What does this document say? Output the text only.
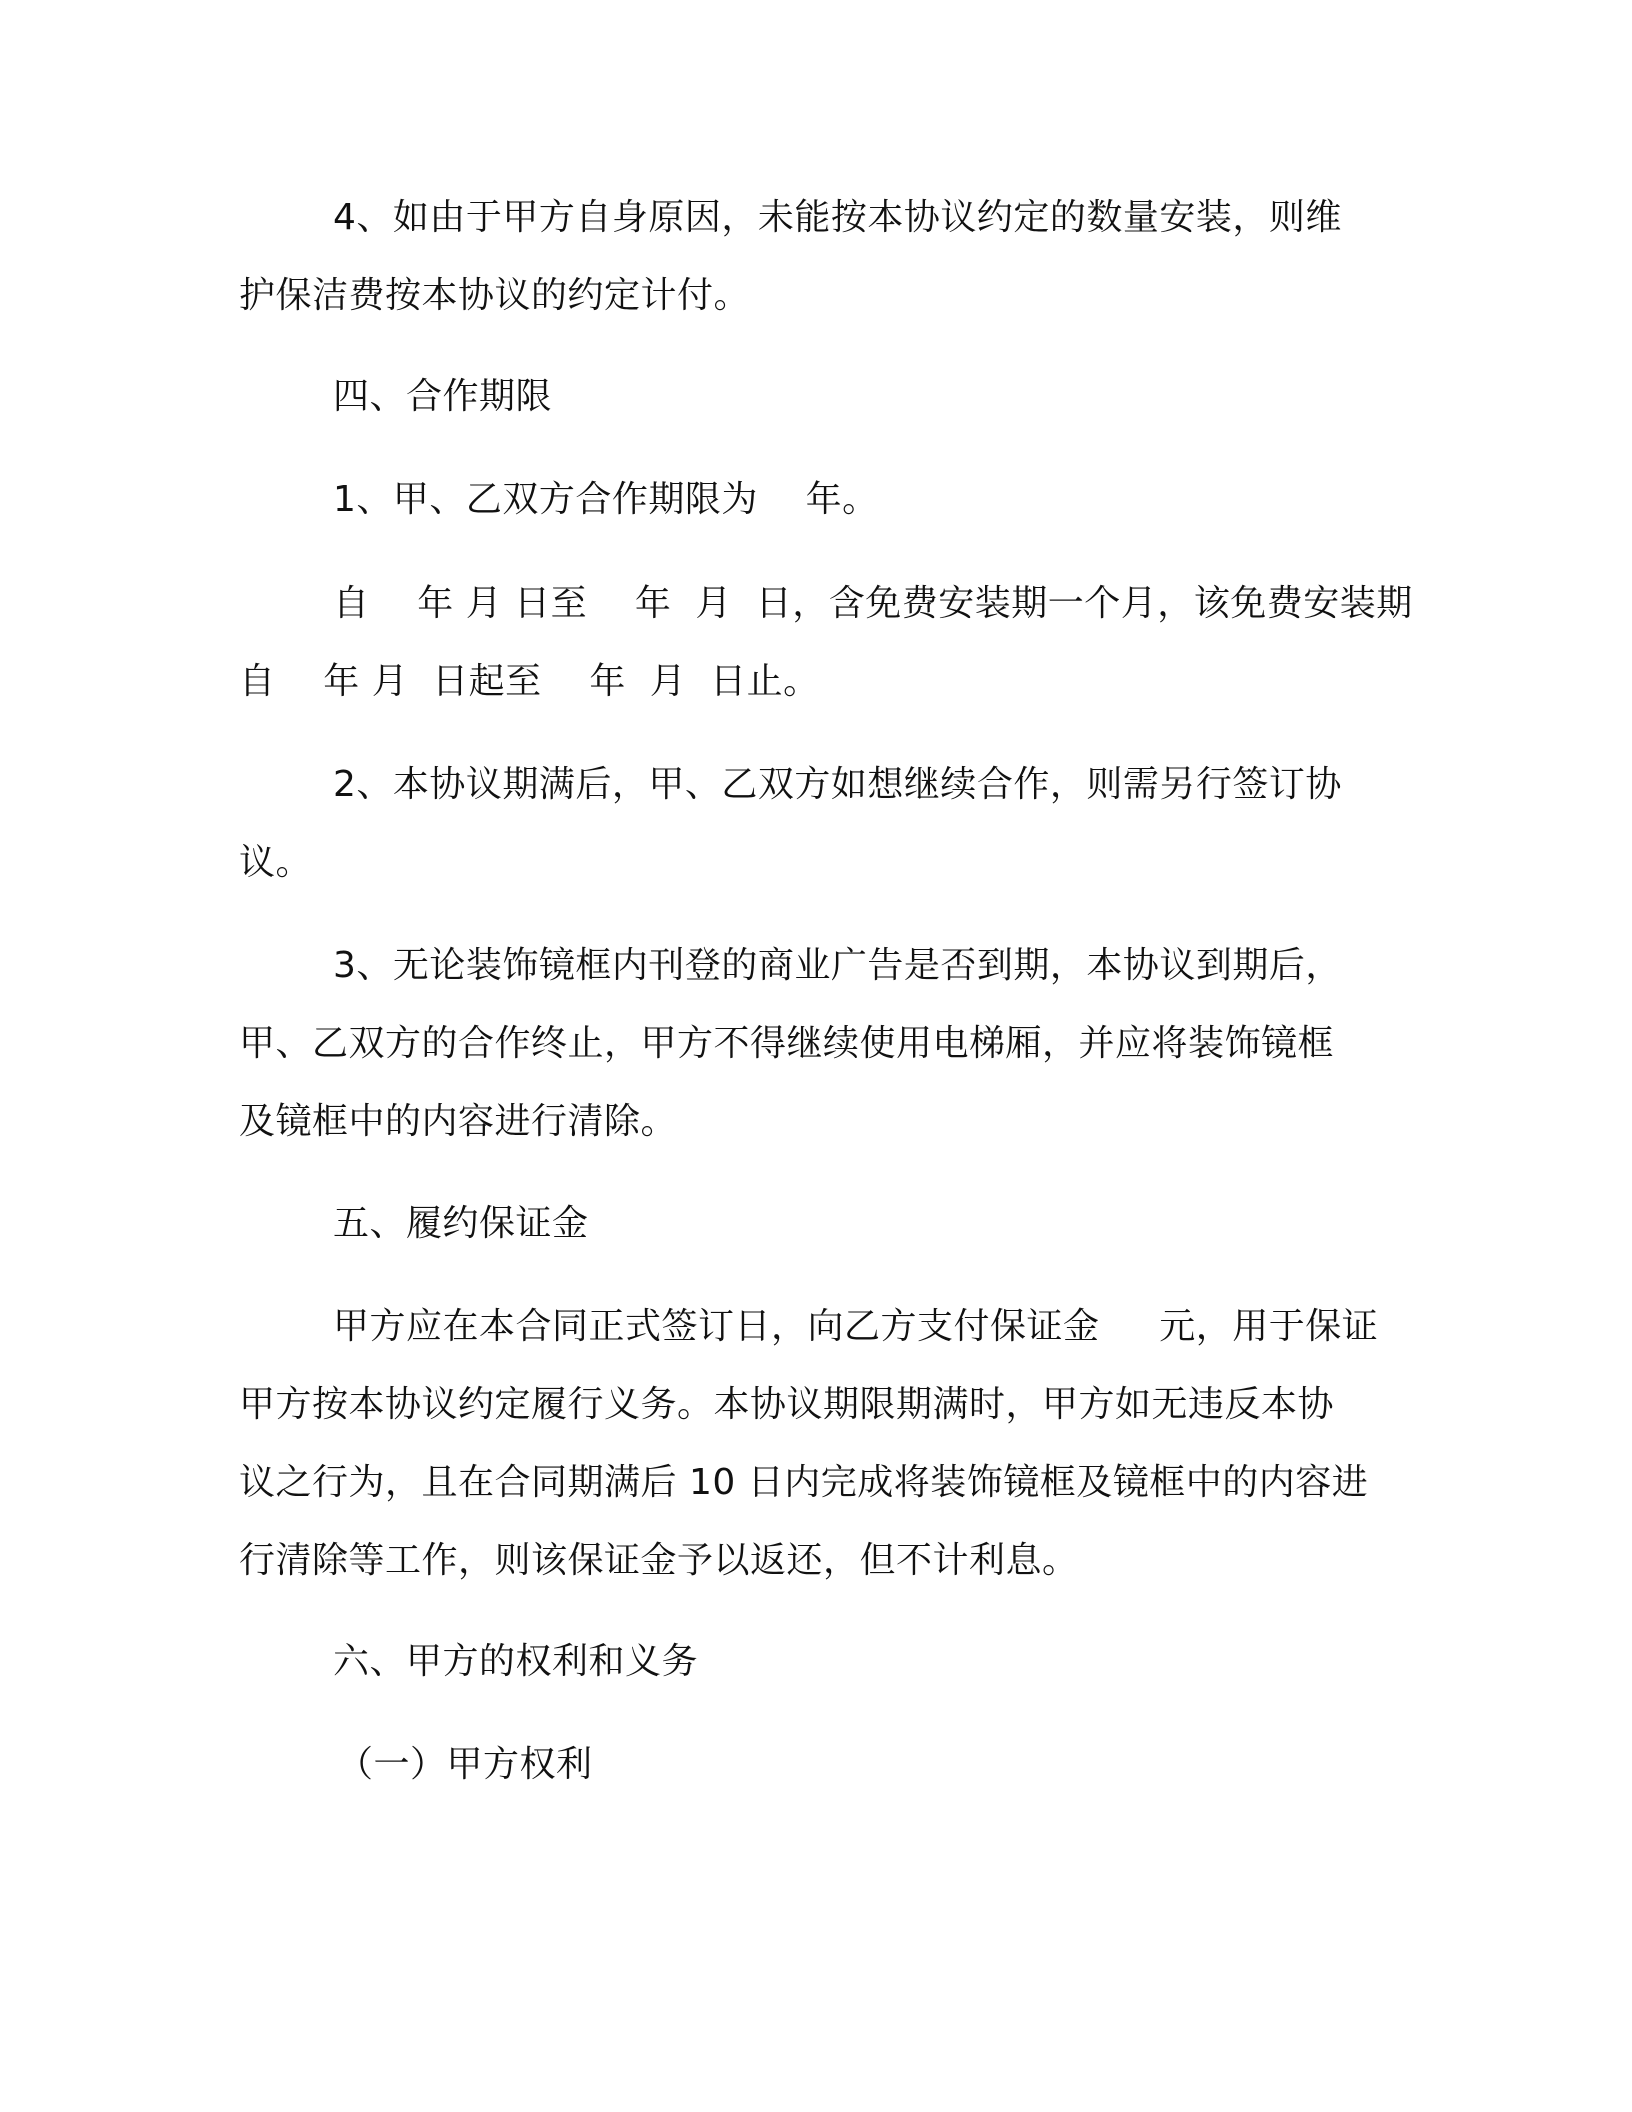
4、如由于甲方自身原因，未能按本协议约定的数量安装，则维
护保洁费按本协议的约定计付。
四、合作期限
1、甲、乙双方合作期限为    年。
自    年 月 日至    年  月  日，含免费安装期一个月，该免费安装期
自    年 月  日起至    年  月  日止。
2、本协议期满后，甲、乙双方如想继续合作，则需另行签订协
议。
3、无论装饰镜框内刊登的商业广告是否到期，本协议到期后，
甲、乙双方的合作终止，甲方不得继续使用电梯厢，并应将装饰镜框
及镜框中的内容进行清除。
五、履约保证金
甲方应在本合同正式签订日，向乙方支付保证金     元，用于保证
甲方按本协议约定履行义务。本协议期限期满时，甲方如无违反本协
议之行为，且在合同期满后 10 日内完成将装饰镜框及镜框中的内容进
行清除等工作，则该保证金予以返还，但不计利息。
六、甲方的权利和义务
（一）甲方权利
